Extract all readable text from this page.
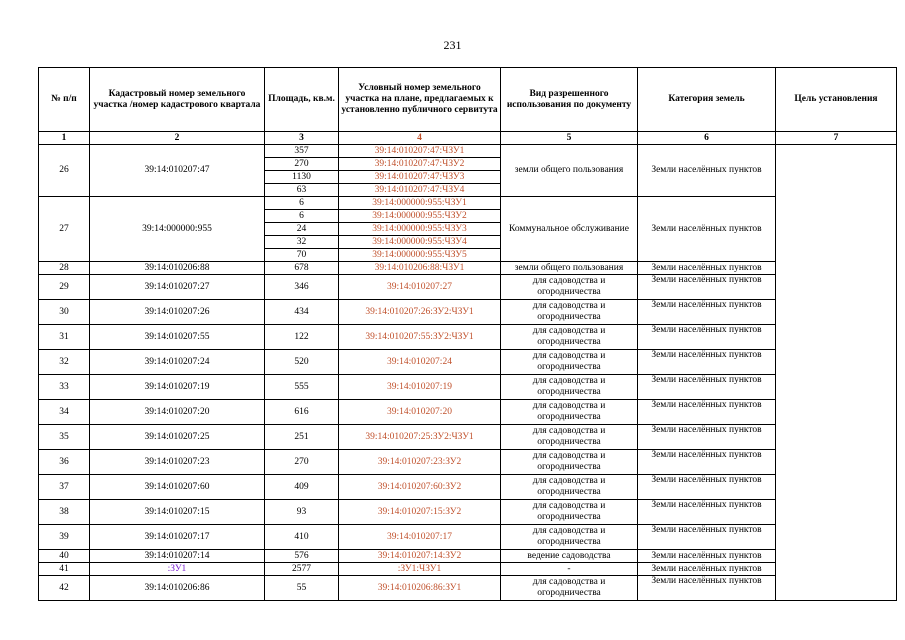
231
№ п/п	Кадастровый номер земельного участка /номер кадастрового квартала	Площадь, кв.м.	Условный номер земельного участка на плане, предлагаемых к установленно публичного сервитута	Вид разрешенного использования по документу	Категория земель	Цель установления
1	2	3	4	5	6	7
26	39:14:010207:47	357	39:14:010207:47:ЧЗУ1	земли общего пользования	Земли населённых пунктов	
		270	39:14:010207:47:ЧЗУ2			
		1130	39:14:010207:47:ЧЗУ3			
		63	39:14:010207:47:ЧЗУ4			
27	39:14:000000:955	6	39:14:000000:955:ЧЗУ1	Коммунальное обслуживание	Земли населённых пунктов	
		6	39:14:000000:955:ЧЗУ2			
		24	39:14:000000:955:ЧЗУ3			
		32	39:14:000000:955:ЧЗУ4			
		70	39:14:000000:955:ЧЗУ5			
28	39:14:010206:88	678	39:14:010206:88:ЧЗУ1	земли общего пользования	Земли населённых пунктов	
29	39:14:010207:27	346	39:14:010207:27	для садоводства и огородничества	Земли населённых пунктов	
30	39:14:010207:26	434	39:14:010207:26:ЗУ2:ЧЗУ1	для садоводства и огородничества	Земли населённых пунктов	
31	39:14:010207:55	122	39:14:010207:55:ЗУ2:ЧЗУ1	для садоводства и огородничества	Земли населённых пунктов	
32	39:14:010207:24	520	39:14:010207:24	для садоводства и огородничества	Земли населённых пунктов	
33	39:14:010207:19	555	39:14:010207:19	для садоводства и огородничества	Земли населённых пунктов	
34	39:14:010207:20	616	39:14:010207:20	для садоводства и огородничества	Земли населённых пунктов	
35	39:14:010207:25	251	39:14:010207:25:ЗУ2:ЧЗУ1	для садоводства и огородничества	Земли населённых пунктов	
36	39:14:010207:23	270	39:14:010207:23:ЗУ2	для садоводства и огородничества	Земли населённых пунктов	
37	39:14:010207:60	409	39:14:010207:60:ЗУ2	для садоводства и огородничества	Земли населённых пунктов	
38	39:14:010207:15	93	39:14:010207:15:ЗУ2	для садоводства и огородничества	Земли населённых пунктов	
39	39:14:010207:17	410	39:14:010207:17	для садоводства и огородничества	Земли населённых пунктов	
40	39:14:010207:14	576	39:14:010207:14:ЗУ2	ведение садоводства	Земли населённых пунктов	
41	:ЗУ1	2577	:ЗУ1:ЧЗУ1	-	Земли населённых пунктов	
42	39:14:010206:86	55	39:14:010206:86:ЗУ1	для садоводства и огородничества	Земли населённых пунктов	
